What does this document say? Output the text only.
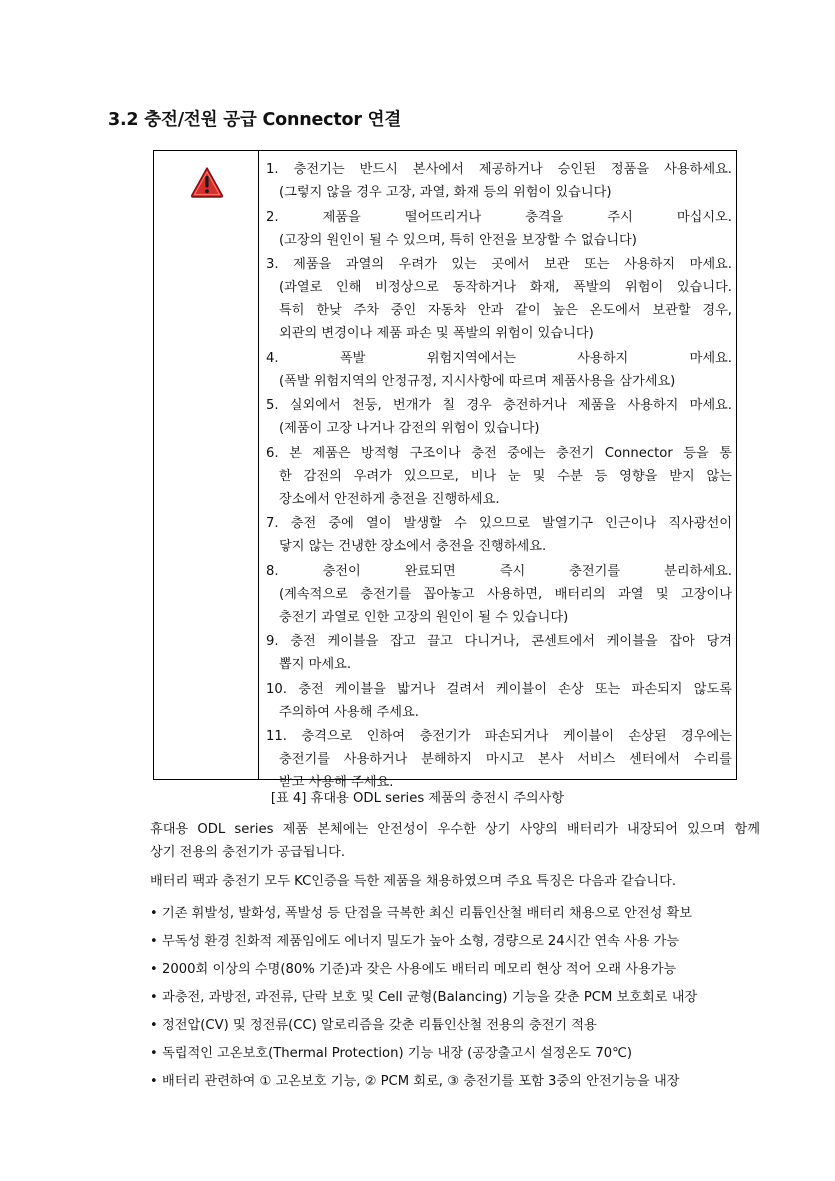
3.2 충전/전원 공급 Connector 연결
1. 충전기는 반드시 본사에서 제공하거나 승인된 정품을 사용하세요.
(그렇지 않을 경우 고장, 과열, 화재 등의 위험이 있습니다)
2. 제품을 떨어뜨리거나 충격을 주시 마십시오.
(고장의 원인이 될 수 있으며, 특히 안전을 보장할 수 없습니다)
3. 제품을 과열의 우려가 있는 곳에서 보관 또는 사용하지 마세요.
(과열로 인해 비정상으로 동작하거나 화재, 폭발의 위험이 있습니다.
특히 한낮 주차 중인 자동차 안과 같이 높은 온도에서 보관할 경우,
외관의 변경이나 제품 파손 및 폭발의 위험이 있습니다)
4. 폭발 위험지역에서는 사용하지 마세요.
(폭발 위험지역의 안정규정, 지시사항에 따르며 제품사용을 삼가세요)
5. 실외에서 천둥, 번개가 칠 경우 충전하거나 제품을 사용하지 마세요.
(제품이 고장 나거나 감전의 위험이 있습니다)
6. 본 제품은 방적형 구조이나 충전 중에는 충전기 Connector 등을 통
한 감전의 우려가 있으므로, 비나 눈 및 수분 등 영향을 받지 않는
장소에서 안전하게 충전을 진행하세요.
7. 충전 중에 열이 발생할 수 있으므로 발열기구 인근이나 직사광선이
닿지 않는 건냉한 장소에서 충전을 진행하세요.
8. 충전이 완료되면 즉시 충전기를 분리하세요.
(계속적으로 충전기를 꼽아놓고 사용하면, 배터리의 과열 및 고장이나
충전기 과열로 인한 고장의 원인이 될 수 있습니다)
9. 충전 케이블을 잡고 끌고 다니거나, 콘센트에서 케이블을 잡아 당겨
뽑지 마세요.
10. 충전 케이블을 밟거나 걸려서 케이블이 손상 또는 파손되지 않도록
주의하여 사용해 주세요.
11. 충격으로 인하여 충전기가 파손되거나 케이블이 손상된 경우에는
충전기를 사용하거나 분해하지 마시고 본사 서비스 센터에서 수리를
받고 사용해 주세요.
[표 4] 휴대용 ODL series 제품의 충전시 주의사항
휴대용 ODL series 제품 본체에는 안전성이 우수한 상기 사양의 배터리가 내장되어 있으며 함께
상기 전용의 충전기가 공급됩니다.
배터리 팩과 충전기 모두 KC인증을 득한 제품을 채용하였으며 주요 특징은 다음과 같습니다.
• 기존 휘발성, 발화성, 폭발성 등 단점을 극복한 최신 리튬인산철 배터리 채용으로 안전성 확보
• 무독성 환경 친화적 제품임에도 에너지 밀도가 높아 소형, 경량으로 24시간 연속 사용 가능
• 2000회 이상의 수명(80% 기준)과 잦은 사용에도 배터리 메모리 현상 적어 오래 사용가능
• 과충전, 과방전, 과전류, 단락 보호 및 Cell 균형(Balancing) 기능을 갖춘 PCM 보호회로 내장
• 정전압(CV) 및 정전류(CC) 알로리즘을 갖춘 리튬인산철 전용의 충전기 적용
• 독립적인 고온보호(Thermal Protection) 기능 내장 (공장출고시 설정온도 70℃)
• 배터리 관련하여 ① 고온보호 기능, ② PCM 회로, ③ 충전기를 포함 3중의 안전기능을 내장
